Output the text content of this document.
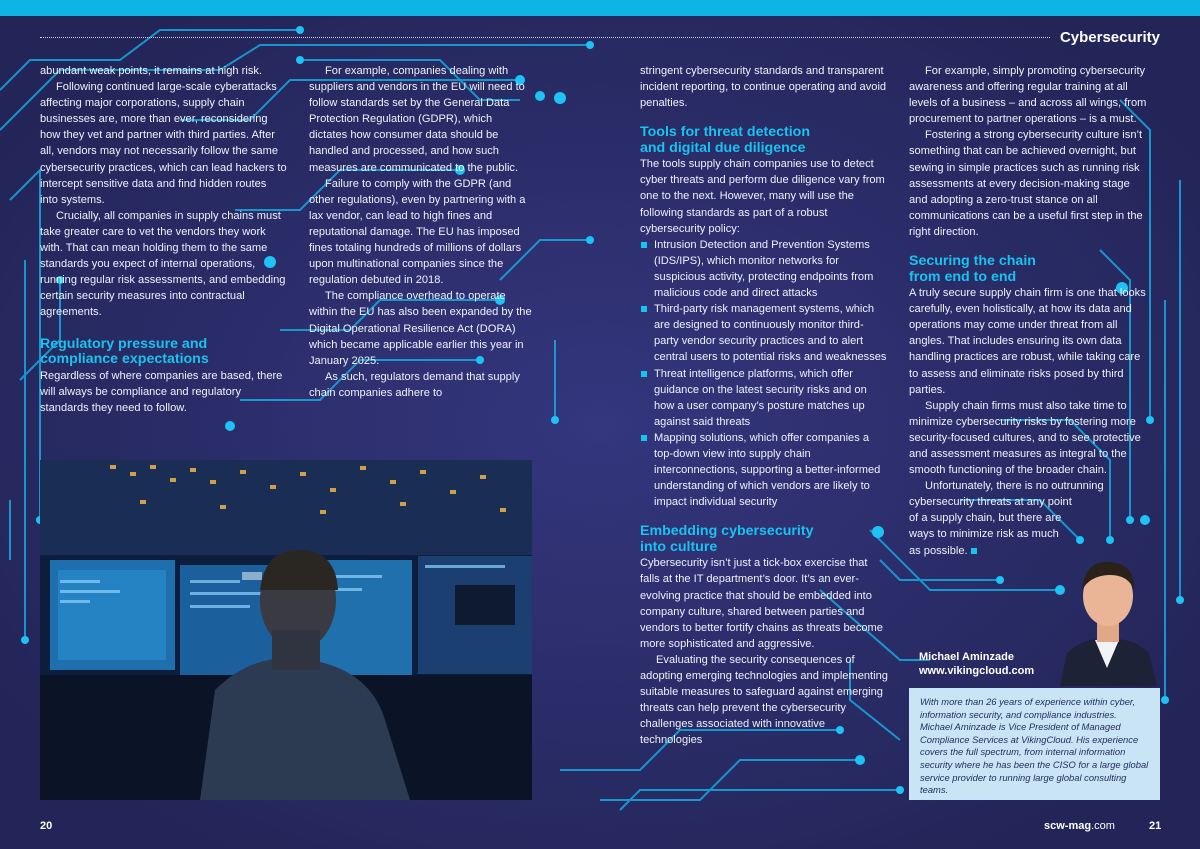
Cybersecurity

abundant weak points, it remains at high risk.

Following continued large-scale cyberattacks affecting major corporations, supply chain businesses are, more than ever, reconsidering how they vet and partner with third parties. After all, vendors may not necessarily follow the same cybersecurity practices, which can lead hackers to intercept sensitive data and find hidden routes into systems.

Crucially, all companies in supply chains must take greater care to vet the vendors they work with. That can mean holding them to the same standards you expect of internal operations, running regular risk assessments, and embedding certain security measures into contractual agreements.

Regulatory pressure and
compliance expectations

Regardless of where companies are based, there will always be compliance and regulatory standards they need to follow.

For example, companies dealing with suppliers and vendors in the EU will need to follow standards set by the General Data Protection Regulation (GDPR), which dictates how consumer data should be handled and processed, and how such measures are communicated to the public.

Failure to comply with the GDPR (and other regulations), even by partnering with a lax vendor, can lead to high fines and reputational damage. The EU has imposed fines totaling hundreds of millions of dollars upon multinational companies since the regulation debuted in 2018.

The compliance overhead to operate within the EU has also been expanded by the Digital Operational Resilience Act (DORA) which became applicable earlier this year in January 2025.

As such, regulators demand that supply chain companies adhere to

stringent cybersecurity standards and transparent incident reporting, to continue operating and avoid penalties.

Tools for threat detection
and digital due diligence

The tools supply chain companies use to detect cyber threats and perform due diligence vary from one to the next. However, many will use the following standards as part of a robust cybersecurity policy:

Intrusion Detection and Prevention Systems (IDS/IPS), which monitor networks for suspicious activity, protecting endpoints from malicious code and direct attacks
Third-party risk management systems, which are designed to continuously monitor third-party vendor security practices and to alert central users to potential risks and weaknesses
Threat intelligence platforms, which offer guidance on the latest security risks and on how a user company’s posture matches up against said threats
Mapping solutions, which offer companies a top-down view into supply chain interconnections, supporting a better-informed understanding of which vendors are likely to impact individual security
Embedding cybersecurity
into culture

Cybersecurity isn’t just a tick-box exercise that falls at the IT department’s door. It’s an ever-evolving practice that should be embedded into company culture, shared between parties and vendors to better fortify chains as threats become more sophisticated and aggressive.

Evaluating the security consequences of adopting emerging technologies and implementing suitable measures to safeguard against emerging threats can help prevent the cybersecurity challenges associated with innovative technologies

For example, simply promoting cybersecurity awareness and offering regular training at all levels of a business – and across all wings, from procurement to partner operations – is a must.

Fostering a strong cybersecurity culture isn’t something that can be achieved overnight, but sewing in simple practices such as running risk assessments at every decision-making stage and adopting a zero-trust stance on all communications can be a useful first step in the right direction.

Securing the chain
from end to end

A truly secure supply chain firm is one that looks carefully, even holistically, at how its data and operations may come under threat from all angles. That includes ensuring its own data handling practices are robust, while taking care to assess and eliminate risks posed by third parties.

Supply chain firms must also take time to minimize cybersecurity risks by fostering more security-focused cultures, and to see protective and assessment measures as integral to the smooth functioning of the broader chain.

Unfortunately, there is no outrunning
cybersecurity threats at any point
of a supply chain, but there are
ways to minimize risk as much
as possible.

Michael Aminzade
www.vikingcloud.com
With more than 26 years of experience within cyber, information security, and compliance industries. Michael Aminzade is Vice President of Managed Compliance Services at VikingCloud. His experience covers the full spectrum, from internal information security where he has been the CISO for a large global service provider to running large global consulting teams.
20	scw-mag.com	21
